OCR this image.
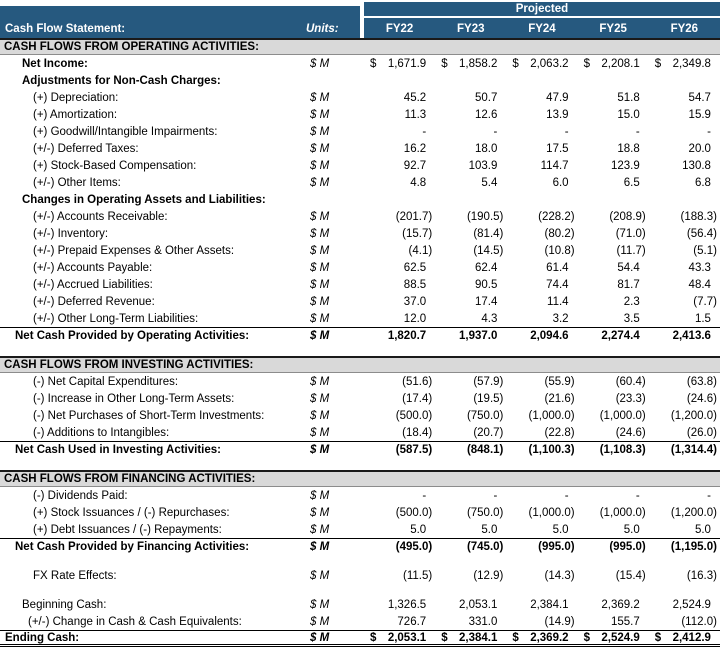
Projected
Cash Flow Statement:	Units:	FY22	FY23	FY24	FY25	FY26
CASH FLOWS FROM OPERATING ACTIVITIES:
Net Income:	$ M	$ 1,671.9	$ 1,858.2	$ 2,063.2	$ 2,208.1	$ 2,349.8
Adjustments for Non-Cash Charges:
(+) Depreciation:	$ M	45.2	50.7	47.9	51.8	54.7
(+) Amortization:	$ M	11.3	12.6	13.9	15.0	15.9
(+) Goodwill/Intangible Impairments:	$ M	-	-	-	-	-
(+/-) Deferred Taxes:	$ M	16.2	18.0	17.5	18.8	20.0
(+) Stock-Based Compensation:	$ M	92.7	103.9	114.7	123.9	130.8
(+/-) Other Items:	$ M	4.8	5.4	6.0	6.5	6.8
Changes in Operating Assets and Liabilities:
(+/-) Accounts Receivable:	$ M	(201.7)	(190.5)	(228.2)	(208.9)	(188.3)
(+/-) Inventory:	$ M	(15.7)	(81.4)	(80.2)	(71.0)	(56.4)
(+/-) Prepaid Expenses & Other Assets:	$ M	(4.1)	(14.5)	(10.8)	(11.7)	(5.1)
(+/-) Accounts Payable:	$ M	62.5	62.4	61.4	54.4	43.3
(+/-) Accrued Liabilities:	$ M	88.5	90.5	74.4	81.7	48.4
(+/-) Deferred Revenue:	$ M	37.0	17.4	11.4	2.3	(7.7)
(+/-) Other Long-Term Liabilities:	$ M	12.0	4.3	3.2	3.5	1.5
Net Cash Provided by Operating Activities:	$ M	1,820.7	1,937.0	2,094.6	2,274.4	2,413.6
CASH FLOWS FROM INVESTING ACTIVITIES:
(-) Net Capital Expenditures:	$ M	(51.6)	(57.9)	(55.9)	(60.4)	(63.8)
(-) Increase in Other Long-Term Assets:	$ M	(17.4)	(19.5)	(21.6)	(23.3)	(24.6)
(-) Net Purchases of Short-Term Investments:	$ M	(500.0)	(750.0) (1,000.0) (1,000.0) (1,200.0)
(-) Additions to Intangibles:	$ M	(18.4)	(20.7)	(22.8)	(24.6)	(26.0)
Net Cash Used in Investing Activities:	$ M	(587.5)	(848.1) (1,100.3) (1,108.3) (1,314.4)
CASH FLOWS FROM FINANCING ACTIVITIES:
(-) Dividends Paid:	$ M	-	-	-	-	-
(+) Stock Issuances / (-) Repurchases:	$ M	(500.0)	(750.0) (1,000.0) (1,000.0) (1,200.0)
(+) Debt Issuances / (-) Repayments:	$ M	5.0	5.0	5.0	5.0	5.0
Net Cash Provided by Financing Activities:	$ M	(495.0)	(745.0)	(995.0)	(995.0) (1,195.0)
FX Rate Effects:	$ M	(11.5)	(12.9)	(14.3)	(15.4)	(16.3)
Beginning Cash:	$ M	1,326.5	2,053.1	2,384.1	2,369.2	2,524.9
(+/-) Change in Cash & Cash Equivalents:	$ M	726.7	331.0	(14.9)	155.7	(112.0)
Ending Cash:	$ M	$ 2,053.1	$ 2,384.1	$ 2,369.2	$ 2,524.9	$ 2,412.9
